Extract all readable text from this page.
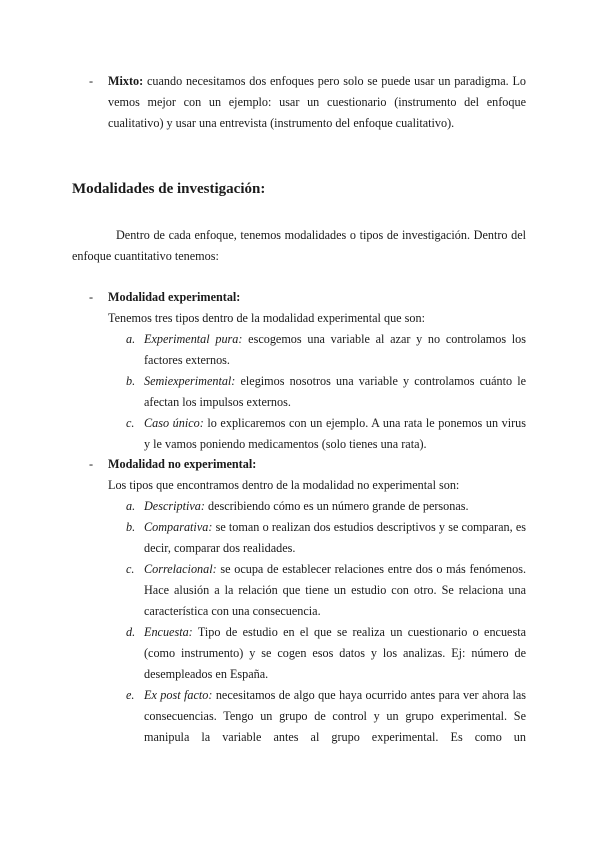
- Mixto: cuando necesitamos dos enfoques pero solo se puede usar un paradigma. Lo vemos mejor con un ejemplo: usar un cuestionario (instrumento del enfoque cualitativo) y usar una entrevista (instrumento del enfoque cualitativo).
Modalidades de investigación:
Dentro de cada enfoque, tenemos modalidades o tipos de investigación. Dentro del enfoque cuantitativo tenemos:
- Modalidad experimental:
Tenemos tres tipos dentro de la modalidad experimental que son:
a. Experimental pura: escogemos una variable al azar y no controlamos los factores externos.
b. Semiexperimental: elegimos nosotros una variable y controlamos cuánto le afectan los impulsos externos.
c. Caso único: lo explicaremos con un ejemplo. A una rata le ponemos un virus y le vamos poniendo medicamentos (solo tienes una rata).
- Modalidad no experimental:
Los tipos que encontramos dentro de la modalidad no experimental son:
a. Descriptiva: describiendo cómo es un número grande de personas.
b. Comparativa: se toman o realizan dos estudios descriptivos y se comparan, es decir, comparar dos realidades.
c. Correlacional: se ocupa de establecer relaciones entre dos o más fenómenos. Hace alusión a la relación que tiene un estudio con otro. Se relaciona una característica con una consecuencia.
d. Encuesta: Tipo de estudio en el que se realiza un cuestionario o encuesta (como instrumento) y se cogen esos datos y los analizas. Ej: número de desempleados en España.
e. Ex post facto: necesitamos de algo que haya ocurrido antes para ver ahora las consecuencias. Tengo un grupo de control y un grupo experimental. Se manipula la variable antes al grupo experimental. Es como un
